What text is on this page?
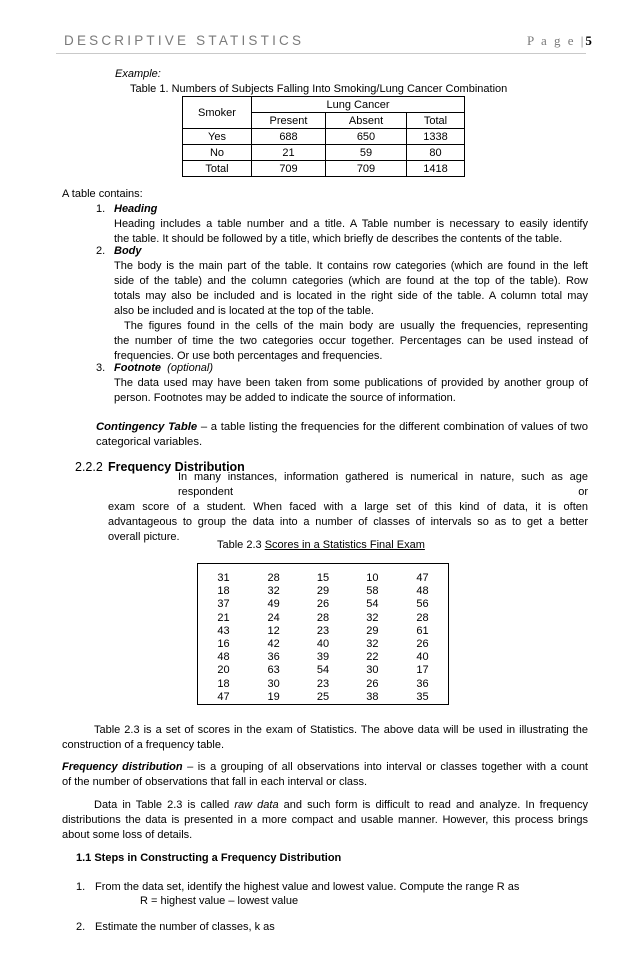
DESCRIPTIVE STATISTICS	P a g e |5
Example:
Table 1. Numbers of Subjects Falling Into Smoking/Lung Cancer Combination
Smoker	Lung Cancer		
	Present	Absent	Total
Yes	688	650	1338
No	21	59	80
Total	709	709	1418
A table contains:
1. Heading
Heading includes a table number and a title. A Table number is necessary to easily identify
the table. It should be followed by a title, which briefly de describes the contents of the table.
2. Body
The body is the main part of the table. It contains row categories (which are found in the left
side of the table) and the column categories (which are found at the top of the table). Row
totals may also be included and is located in the right side of the table. A column total may
also be included and is located at the top of the table.
The figures found in the cells of the main body are usually the frequencies, representing
the number of time the two categories occur together. Percentages can be used instead of
frequencies. Or use both percentages and frequencies.
3. Footnote (optional)
The data used may have been taken from some publications of provided by another group of
person. Footnotes may be added to indicate the source of information.
Contingency Table – a table listing the frequencies for the different combination of values of two
categorical variables.
2.2.2 Frequency Distribution
In many instances, information gathered is numerical in nature, such as age respondent or
exam score of a student. When faced with a large set of this kind of data, it is often
advantageous to group the data into a number of classes of intervals so as to get a better
overall picture.
Table 2.3 Scores in a Statistics Final Exam

31	28	15	10	47
18	32	29	58	48
37	49	26	54	56
21	24	28	32	28
43	12	23	29	61
16	42	40	32	26
48	36	39	22	40
20	63	54	30	17
18	30	23	26	36
47	19	25	38	35
Table 2.3 is a set of scores in the exam of Statistics. The above data will be used in illustrating the
construction of a frequency table.
Frequency distribution – is a grouping of all observations into interval or classes together with a count
of the number of observations that fall in each interval or class.
Data in Table 2.3 is called raw data and such form is difficult to read and analyze. In frequency
distributions the data is presented in a more compact and usable manner. However, this process brings
about some loss of details.
1.1 Steps in Constructing a Frequency Distribution
1. From the data set, identify the highest value and lowest value. Compute the range R as
R = highest value – lowest value
2. Estimate the number of classes, k as
